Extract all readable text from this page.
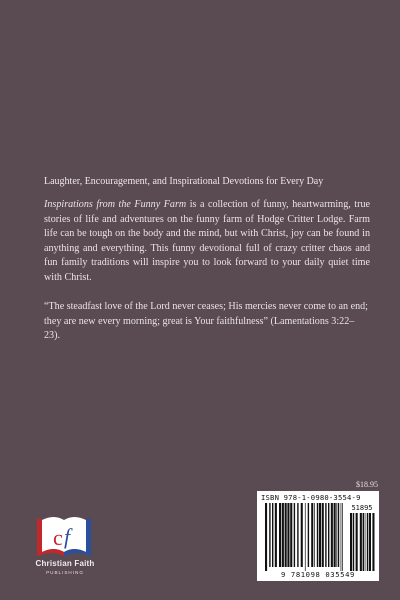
Laughter, Encouragement, and Inspirational Devotions for Every Day
Inspirations from the Funny Farm is a collection of funny, heartwarming, true stories of life and adventures on the funny farm of Hodge Critter Lodge. Farm life can be tough on the body and the mind, but with Christ, joy can be found in anything and everything. This funny devotional full of crazy critter chaos and fun family traditions will inspire you to look forward to your daily quiet time with Christ.
“The steadfast love of the Lord never ceases; His mercies never come to an end; they are new every morning; great is Your faithfulness” (Lamentations 3:22–23).
$18.95
ISBN 978-1-0980-3554-9
51895
9 781098 035549
c f
Christian Faith
PUBLISHING
